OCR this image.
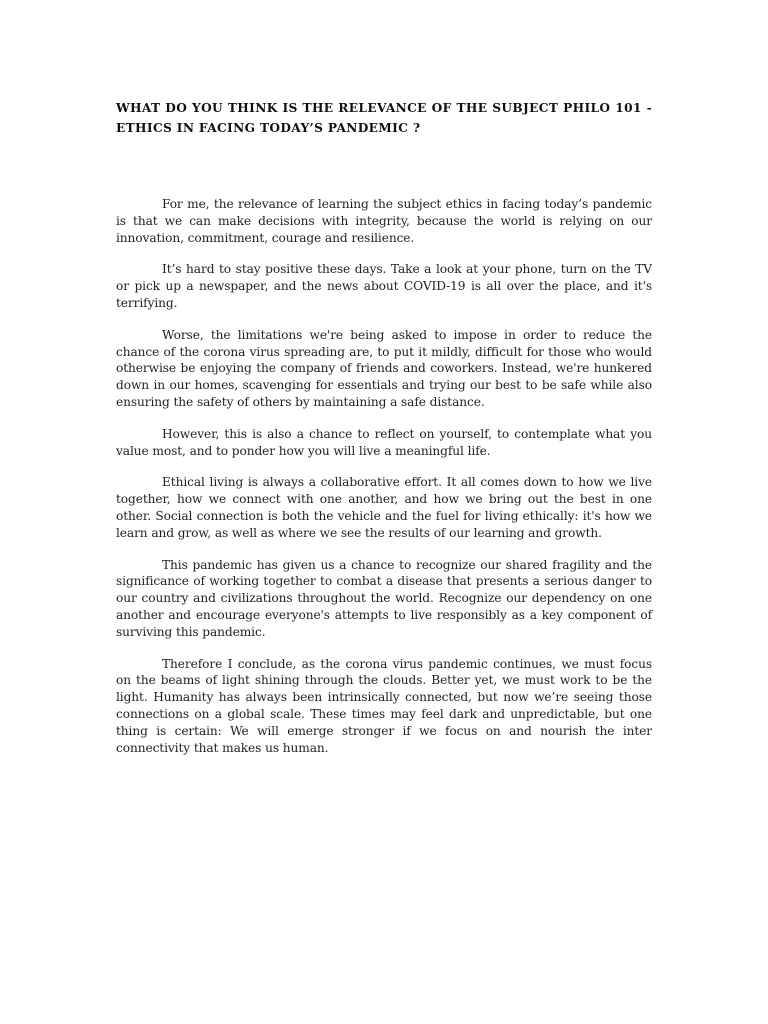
WHAT DO YOU THINK IS THE RELEVANCE OF THE SUBJECT PHILO 101 - ETHICS IN FACING TODAY’S PANDEMIC ?

For me, the relevance of learning the subject ethics in facing today’s pandemic is that we can make decisions with integrity, because the world is relying on our innovation, commitment, courage and resilience.

It’s hard to stay positive these days. Take a look at your phone, turn on the TV or pick up a newspaper, and the news about COVID-19 is all over the place, and it's terrifying.

Worse, the limitations we're being asked to impose in order to reduce the chance of the corona virus spreading are, to put it mildly, difficult for those who would otherwise be enjoying the company of friends and coworkers. Instead, we're hunkered down in our homes, scavenging for essentials and trying our best to be safe while also ensuring the safety of others by maintaining a safe distance.

However, this is also a chance to reflect on yourself, to contemplate what you value most, and to ponder how you will live a meaningful life.

Ethical living is always a collaborative effort. It all comes down to how we live together, how we connect with one another, and how we bring out the best in one other. Social connection is both the vehicle and the fuel for living ethically: it's how we learn and grow, as well as where we see the results of our learning and growth.

This pandemic has given us a chance to recognize our shared fragility and the significance of working together to combat a disease that presents a serious danger to our country and civilizations throughout the world. Recognize our dependency on one another and encourage everyone's attempts to live responsibly as a key component of surviving this pandemic.

Therefore I conclude, as the corona virus pandemic continues, we must focus on the beams of light shining through the clouds. Better yet, we must work to be the light. Humanity has always been intrinsically connected, but now we’re seeing those connections on a global scale. These times may feel dark and unpredictable, but one thing is certain: We will emerge stronger if we focus on and nourish the inter connectivity that makes us human.
